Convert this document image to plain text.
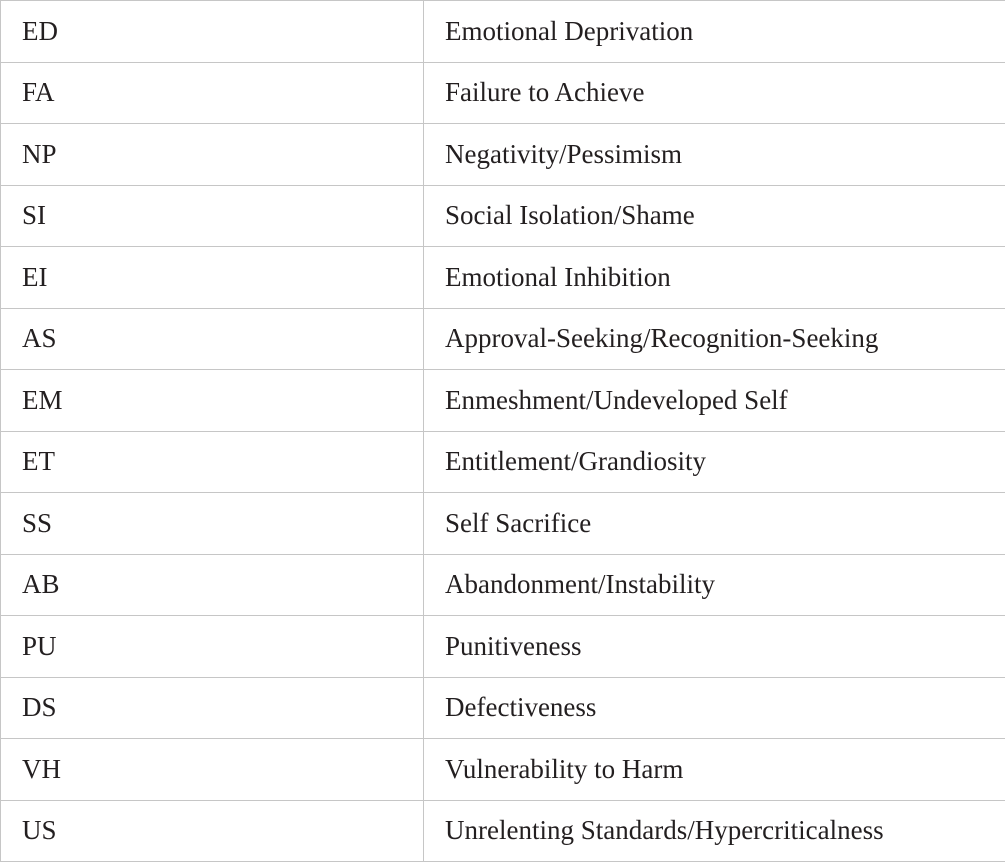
ED	Emotional Deprivation
FA	Failure to Achieve
NP	Negativity/Pessimism
SI	Social Isolation/Shame
EI	Emotional Inhibition
AS	Approval-Seeking/Recognition-Seeking
EM	Enmeshment/Undeveloped Self
ET	Entitlement/Grandiosity
SS	Self Sacrifice
AB	Abandonment/Instability
PU	Punitiveness
DS	Defectiveness
VH	Vulnerability to Harm
US	Unrelenting Standards/Hypercriticalness
